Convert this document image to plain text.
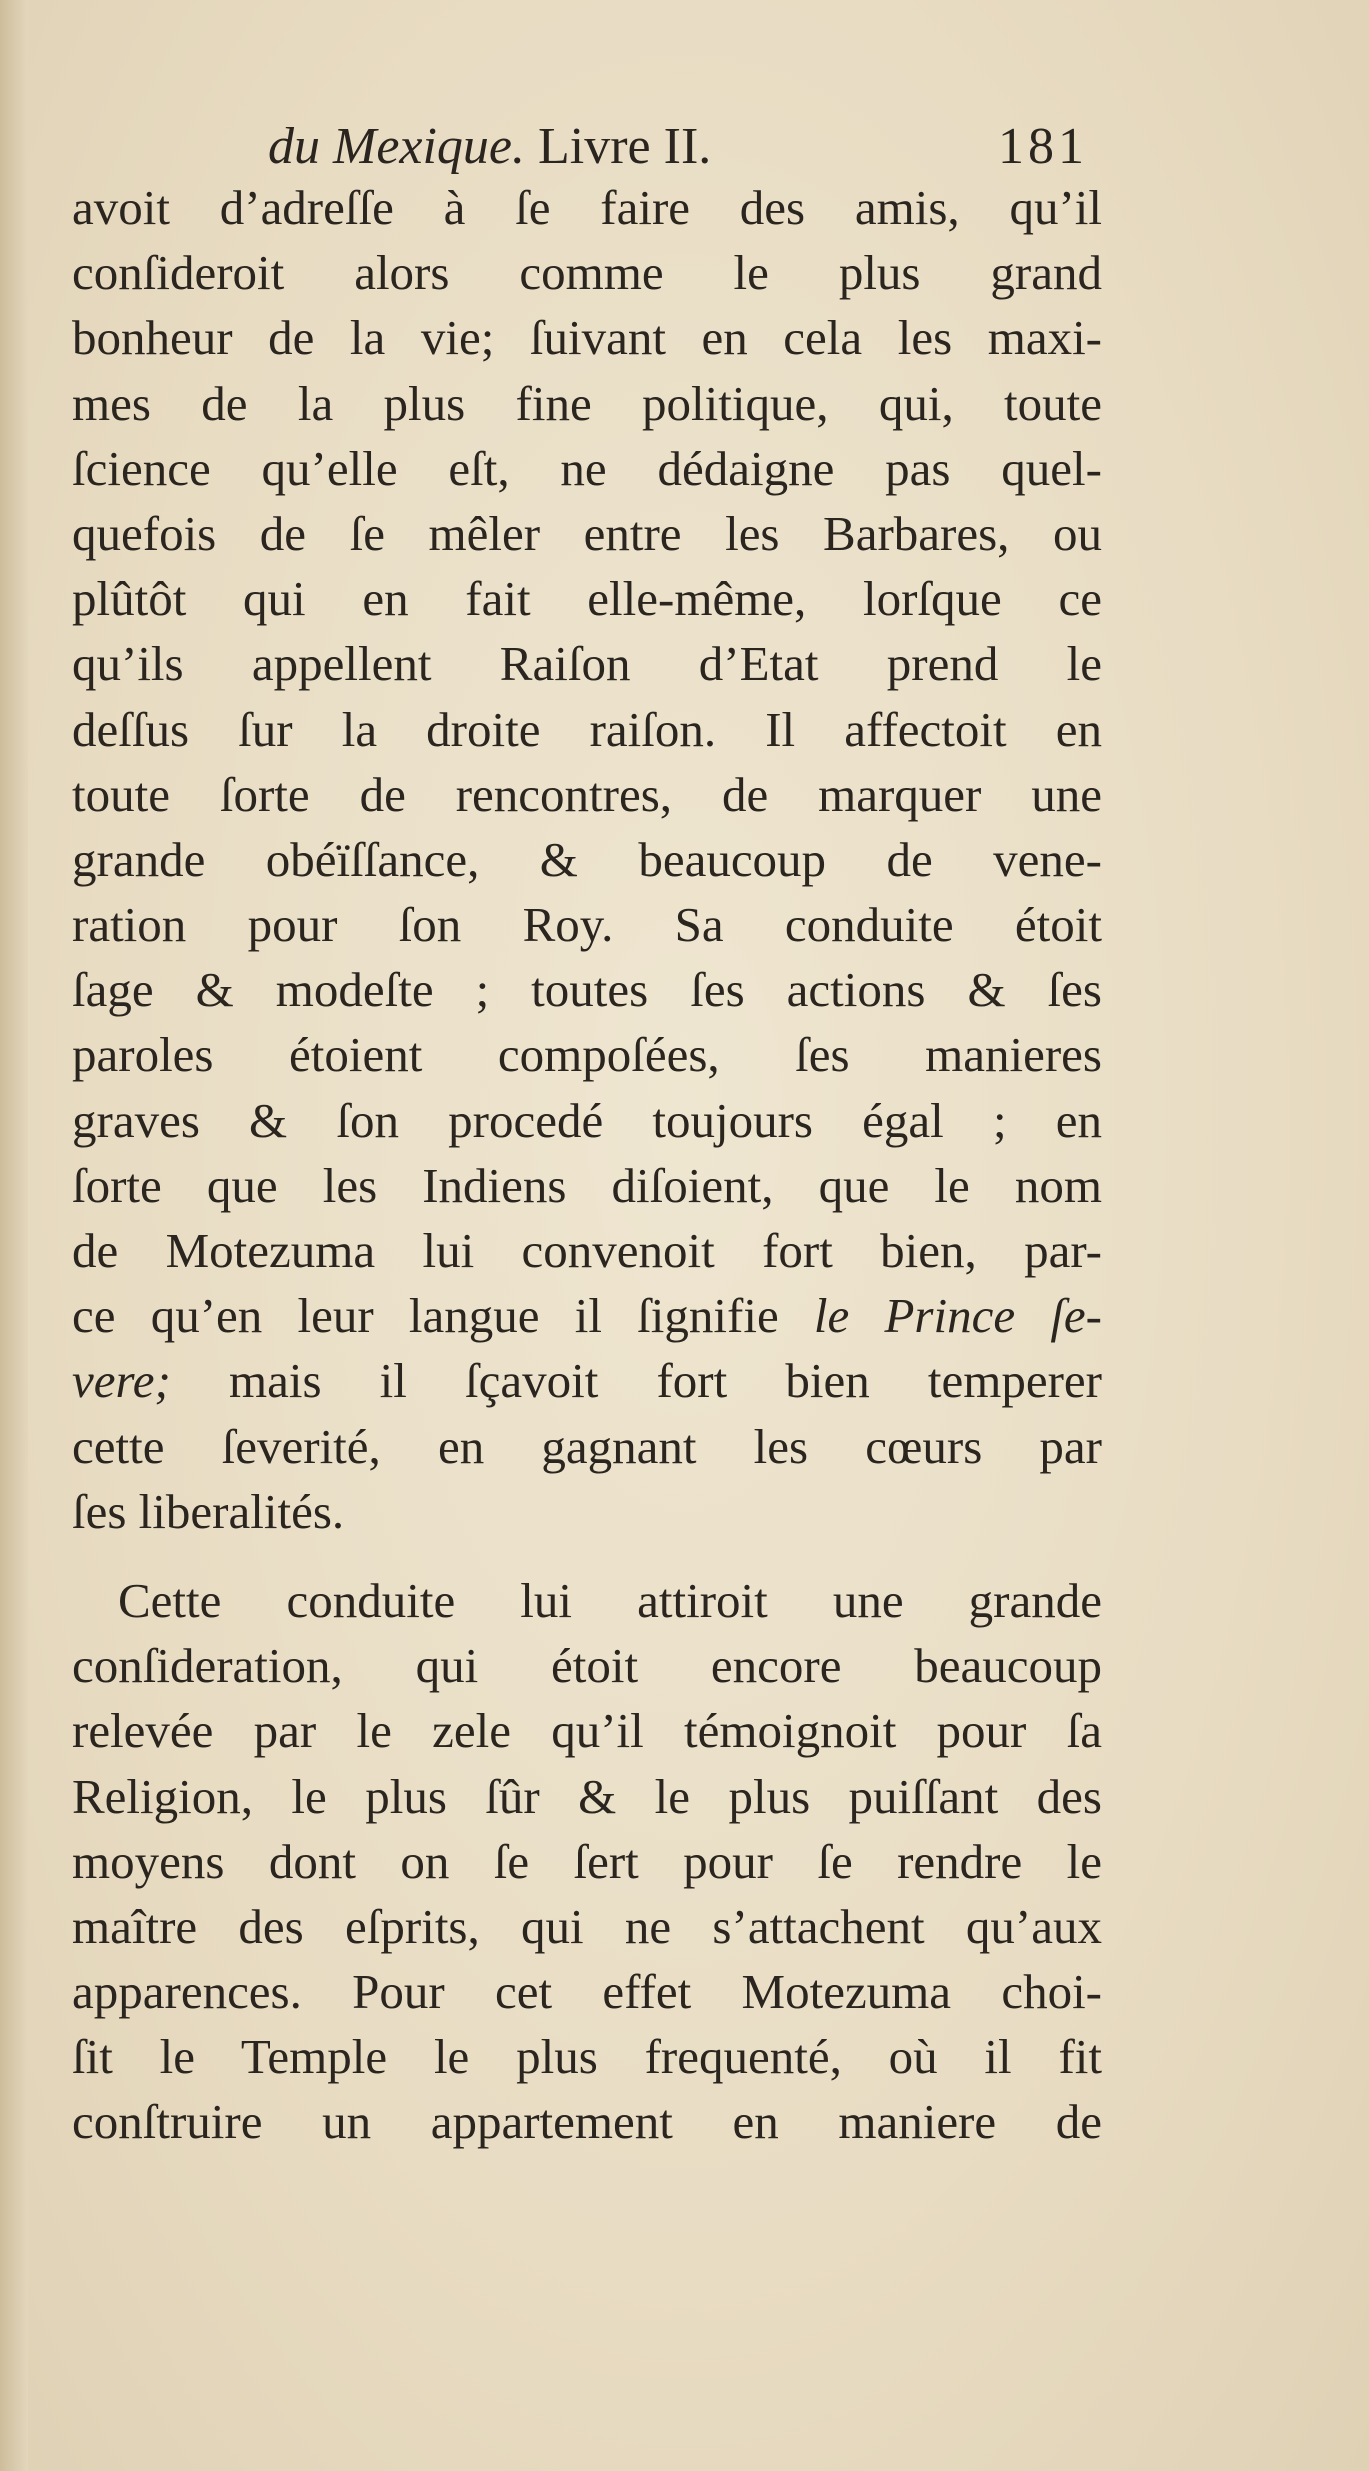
du Mexique. Livre II.	181
avoit d’adreſſe à ſe faire des amis, qu’il
conſideroit alors comme le plus grand
bonheur de la vie; ſuivant en cela les maxi-
mes de la plus fine politique, qui, toute
ſcience qu’elle eſt, ne dédaigne pas quel-
quefois de ſe mêler entre les Barbares, ou
plûtôt qui en fait elle-même, lorſque ce
qu’ils appellent Raiſon d’Etat prend le
deſſus ſur la droite raiſon. Il affectoit en
toute ſorte de rencontres, de marquer une
grande obéïſſance, & beaucoup de vene-
ration pour ſon Roy. Sa conduite étoit
ſage & modeſte ; toutes ſes actions & ſes
paroles étoient compoſées, ſes manieres
graves & ſon procedé toujours égal ; en
ſorte que les Indiens diſoient, que le nom
de Motezuma lui convenoit fort bien, par-
ce qu’en leur langue il ſignifie le Prince ſe-
vere; mais il ſçavoit fort bien temperer
cette ſeverité, en gagnant les cœurs par
ſes liberalités.
Cette conduite lui attiroit une grande
conſideration, qui étoit encore beaucoup
relevée par le zele qu’il témoignoit pour ſa
Religion, le plus ſûr & le plus puiſſant des
moyens dont on ſe ſert pour ſe rendre le
maître des eſprits, qui ne s’attachent qu’aux
apparences. Pour cet effet Motezuma choi-
ſit le Temple le plus frequenté, où il fit
conſtruire un appartement en maniere de
